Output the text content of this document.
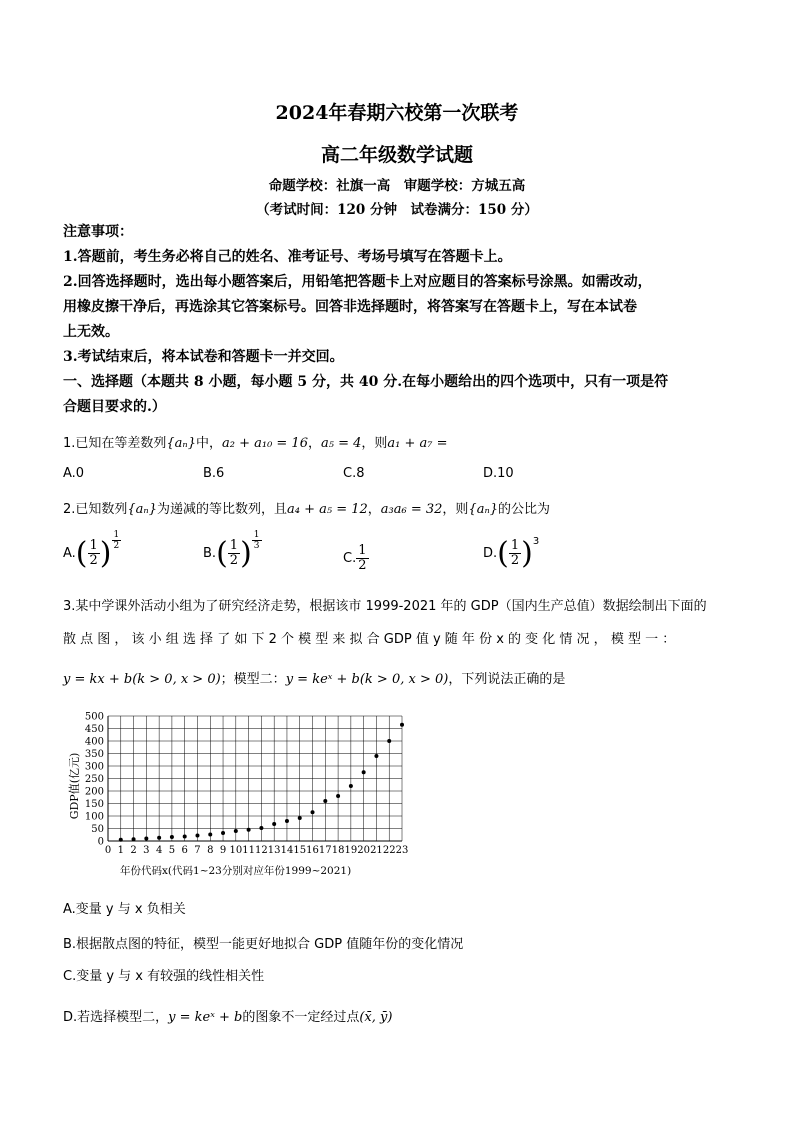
2024年春期六校第一次联考
高二年级数学试题
命题学校：社旗一高　审题学校：方城五高
（考试时间：120 分钟　试卷满分：150 分）
注意事项：
1.答题前，考生务必将自己的姓名、准考证号、考场号填写在答题卡上。
2.回答选择题时，选出每小题答案后，用铅笔把答题卡上对应题目的答案标号涂黑。如需改动，
用橡皮擦干净后，再选涂其它答案标号。回答非选择题时，将答案写在答题卡上，写在本试卷
上无效。
3.考试结束后，将本试卷和答题卡一并交回。
一、选择题（本题共 8 小题，每小题 5 分，共 40 分.在每小题给出的四个选项中，只有一项是符
合题目要求的.）
1.已知在等差数列{aₙ}中，a₂ + a₁₀ = 16，a₅ = 4，则a₁ + a₇ =
A.0	B.6	C.8	D.10
2.已知数列{aₙ}为递减的等比数列，且a₄ + a₅ = 12，a₃a₆ = 32，则{aₙ}的公比为
$A.( \frac{1}{2}$ ) $\frac{1}{2}$
$B.( \frac{1}{2}$ ) $\frac{1}{3}$
C. $\frac{1}{2}$	$D.( \frac{1}{2} )^3$
3.某中学课外活动小组为了研究经济走势，根据该市 1999-2021 年的 GDP（国内生产总值）数据绘制出下面的
散 点 图 ， 该 小 组 选 择 了 如 下 2 个 模 型 来 拟 合 GDP 值 y 随 年 份 x 的 变 化 情 况 ， 模 型 一 ：
y = kx + b(k > 0, x > 0)；模型二：y = keˣ + b(k > 0, x > 0)，下列说法正确的是
0
50
100
150
200
250
300
350
400
450
500
0 1 2 3 4 5 6 7 8 9 10 11 12 13 14 15 16 17 18 19 20 21 22 23
GDP值(亿元)
年份代码x(代码1~23分别对应年份1999~2021)
A.变量 y 与 x 负相关
B.根据散点图的特征，模型一能更好地拟合 GDP 值随年份的变化情况
C.变量 y 与 x 有较强的线性相关性
D.若选择模型二，y = keˣ + b的图象不一定经过点(x̄, ȳ)
